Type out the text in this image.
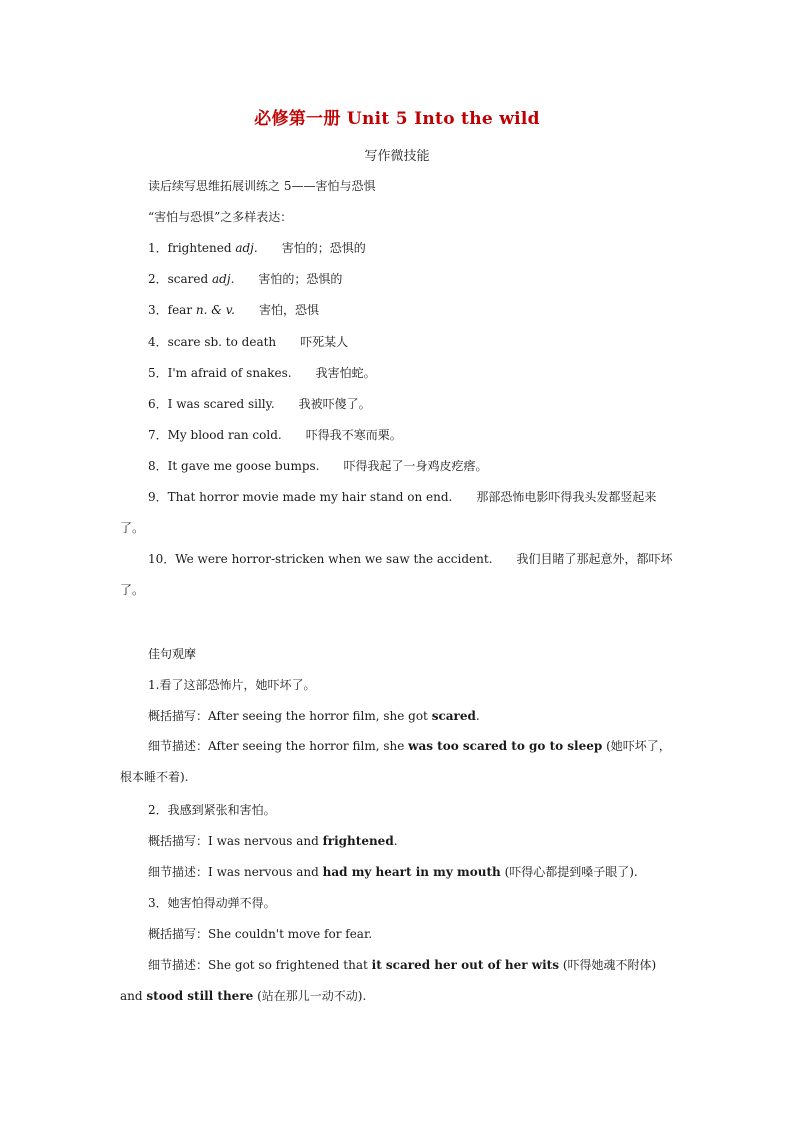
必修第一册 Unit 5 Into the wild
写作微技能
读后续写思维拓展训练之 5——害怕与恐惧
“害怕与恐惧”之多样表达：
1．frightened adj. 害怕的；恐惧的
2．scared adj. 害怕的；恐惧的
3．fear n. & v. 害怕，恐惧
4．scare sb. to death 吓死某人
5．I'm afraid of snakes. 我害怕蛇。
6．I was scared silly. 我被吓傻了。
7．My blood ran cold. 吓得我不寒而栗。
8．It gave me goose bumps. 吓得我起了一身鸡皮疙瘩。
9．That horror movie made my hair stand on end. 那部恐怖电影吓得我头发都竖起来了。
10．We were horror-stricken when we saw the accident. 我们目睹了那起意外，都吓坏了。
佳句观摩
1.看了这部恐怖片，她吓坏了。
概括描写：After seeing the horror film, she got scared.
细节描述：After seeing the horror film, she was too scared to go to sleep (她吓坏了，根本睡不着).
2．我感到紧张和害怕。
概括描写：I was nervous and frightened.
细节描述：I was nervous and had my heart in my mouth (吓得心都提到嗓子眼了).
3．她害怕得动弹不得。
概括描写：She couldn't move for fear.
细节描述：She got so frightened that it scared her out of her wits (吓得她魂不附体) and stood still there (站在那儿一动不动).
